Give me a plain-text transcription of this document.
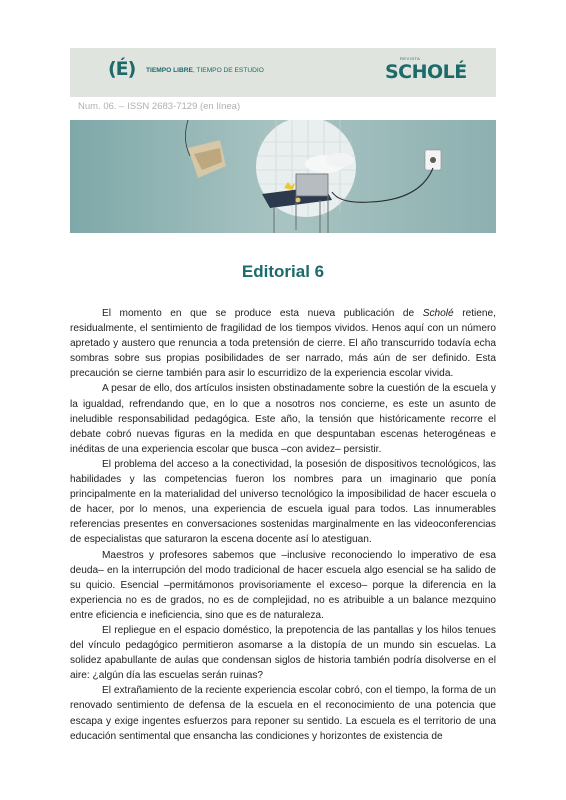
(É) TIEMPO LIBRE, TIEMPO DE ESTUDIO
REVISTA
SCHOLÉ
Num. 06. – ISSN 2683-7129 (en línea)
Editorial 6

El momento en que se produce esta nueva publicación de Scholé retiene, residualmente, el sentimiento de fragilidad de los tiempos vividos. Henos aquí con un número apretado y austero que renuncia a toda pretensión de cierre. El año transcurrido todavía echa sombras sobre sus propias posibilidades de ser narrado, más aún de ser definido. Esta precaución se cierne también para asir lo escurridizo de la experiencia escolar vivida.

A pesar de ello, dos artículos insisten obstinadamente sobre la cuestión de la escuela y la igualdad, refrendando que, en lo que a nosotros nos concierne, es este un asunto de ineludible responsabilidad pedagógica. Este año, la tensión que históricamente recorre el debate cobró nuevas figuras en la medida en que despuntaban escenas heterogéneas e inéditas de una experiencia escolar que busca –con avidez– persistir.

El problema del acceso a la conectividad, la posesión de dispositivos tecnológicos, las habilidades y las competencias fueron los nombres para un imaginario que ponía principalmente en la materialidad del universo tecnológico la imposibilidad de hacer escuela o de hacer, por lo menos, una experiencia de escuela igual para todos. Las innumerables referencias presentes en conversaciones sostenidas marginalmente en las videoconferencias de especialistas que saturaron la escena docente así lo atestiguan.

Maestros y profesores sabemos que –inclusive reconociendo lo imperativo de esa deuda– en la interrupción del modo tradicional de hacer escuela algo esencial se ha salido de su quicio. Esencial –permitámonos provisoriamente el exceso– porque la diferencia en la experiencia no es de grados, no es de complejidad, no es atribuible a un balance mezquino entre eficiencia e ineficiencia, sino que es de naturaleza.

El repliegue en el espacio doméstico, la prepotencia de las pantallas y los hilos tenues del vínculo pedagógico permitieron asomarse a la distopía de un mundo sin escuelas. La solidez apabullante de aulas que condensan siglos de historia también podría disolverse en el aire: ¿algún día las escuelas serán ruinas?

El extrañamiento de la reciente experiencia escolar cobró, con el tiempo, la forma de un renovado sentimiento de defensa de la escuela en el reconocimiento de una potencia que escapa y exige ingentes esfuerzos para reponer su sentido. La escuela es el territorio de una educación sentimental que ensancha las condiciones y horizontes de existencia de
